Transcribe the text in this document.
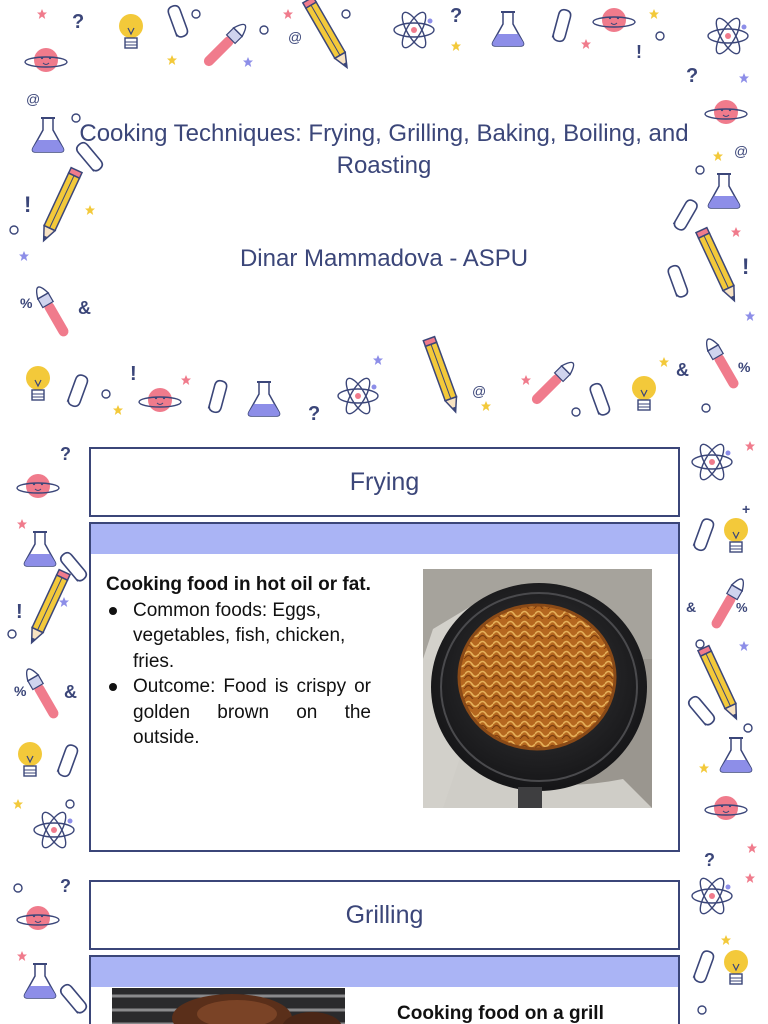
?	?
!
@
@
!
%	&
?
@
!
!
?
@
&	%
?
!
% &
+
&	%
?
?
Cooking Techniques: Frying, Grilling, Baking, Boiling, and Roasting
Dinar Mammadova - ASPU
Frying
Cooking food in hot oil or fat.
Common foods: Eggs, vegetables, fish, chicken, fries.
Outcome: Food is crispy or golden brown on the outside.
Grilling
Cooking food on a grill
